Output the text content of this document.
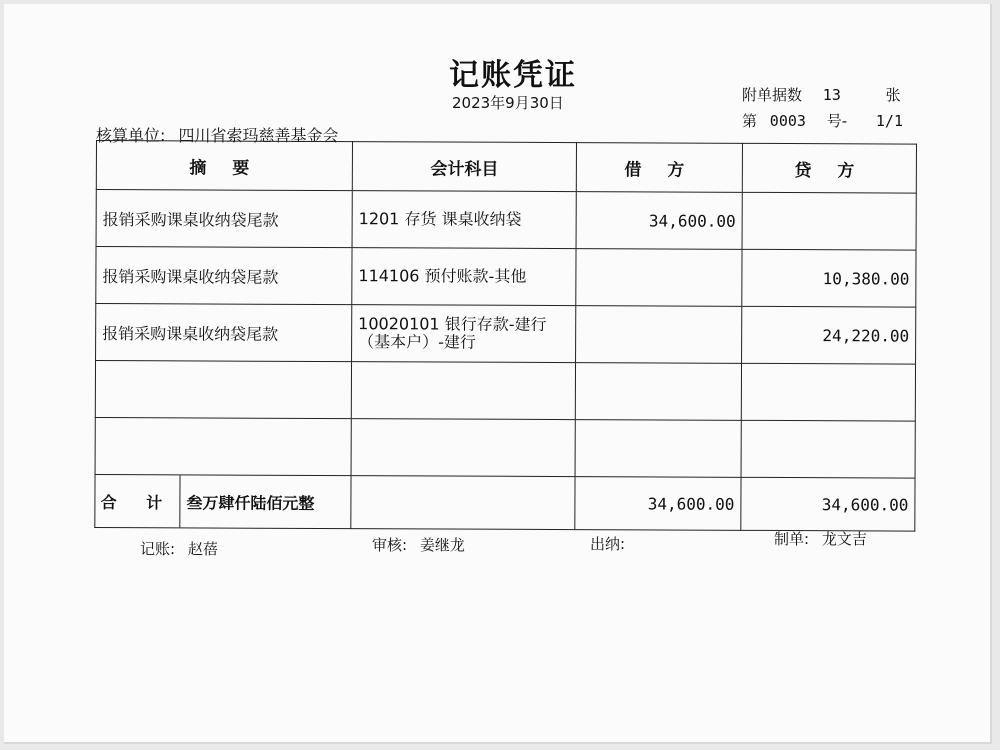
记账凭证
2023年9月30日	附单据数 13	张
第 0003 号- 1/1
核算单位: 四川省索玛慈善基金会
摘 要	会计科目	借 方	贷 方
报销采购课桌收纳袋尾款	1201 存货 课桌收纳袋	34,600.00	
报销采购课桌收纳袋尾款	114106 预付账款-其他		10,380.00
报销采购课桌收纳袋尾款	10020101 银行存款-建行（基本户）-建行		24,220.00

合 计 叁万肆仟陆佰元整		34,600.00	34,600.00
记账: 赵蓓	审核: 姜继龙	出纳:	制单: 龙文吉
